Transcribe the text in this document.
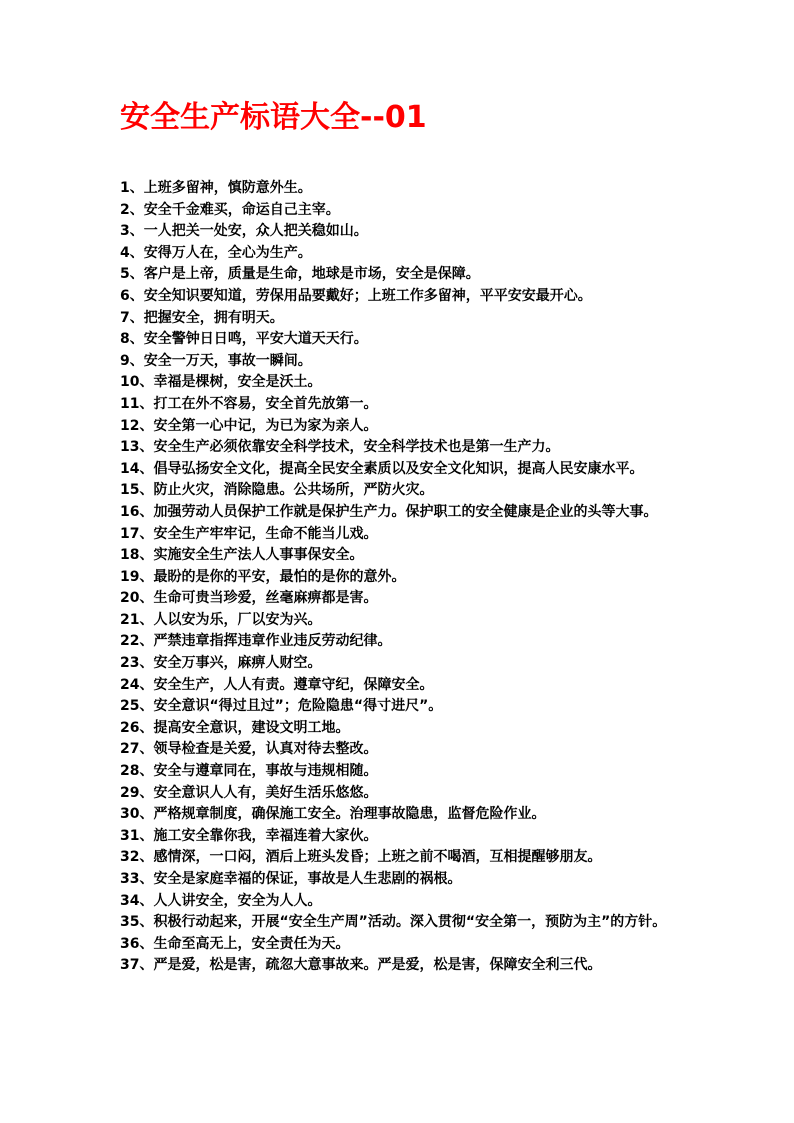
安全生产标语大全--01
1、上班多留神，慎防意外生。
2、安全千金难买，命运自己主宰。
3、一人把关一处安，众人把关稳如山。
4、安得万人在，全心为生产。
5、客户是上帝，质量是生命，地球是市场，安全是保障。
6、安全知识要知道，劳保用品要戴好；上班工作多留神，平平安安最开心。
7、把握安全，拥有明天。
8、安全警钟日日鸣，平安大道天天行。
9、安全一万天，事故一瞬间。
10、幸福是棵树，安全是沃土。
11、打工在外不容易，安全首先放第一。
12、安全第一心中记，为已为家为亲人。
13、安全生产必须依靠安全科学技术，安全科学技术也是第一生产力。
14、倡导弘扬安全文化，提高全民安全素质以及安全文化知识，提高人民安康水平。
15、防止火灾，消除隐患。公共场所，严防火灾。
16、加强劳动人员保护工作就是保护生产力。保护职工的安全健康是企业的头等大事。
17、安全生产牢牢记，生命不能当儿戏。
18、实施安全生产法人人事事保安全。
19、最盼的是你的平安，最怕的是你的意外。
20、生命可贵当珍爱，丝毫麻痹都是害。
21、人以安为乐，厂以安为兴。
22、严禁违章指挥违章作业违反劳动纪律。
23、安全万事兴，麻痹人财空。
24、安全生产，人人有责。遵章守纪，保障安全。
25、安全意识“得过且过”；危险隐患“得寸进尺”。
26、提高安全意识，建设文明工地。
27、领导检查是关爱，认真对待去整改。
28、安全与遵章同在，事故与违规相随。
29、安全意识人人有，美好生活乐悠悠。
30、严格规章制度，确保施工安全。治理事故隐患，监督危险作业。
31、施工安全靠你我，幸福连着大家伙。
32、感情深，一口闷，酒后上班头发昏；上班之前不喝酒，互相提醒够朋友。
33、安全是家庭幸福的保证，事故是人生悲剧的祸根。
34、人人讲安全，安全为人人。
35、积极行动起来，开展“安全生产周”活动。深入贯彻“安全第一，预防为主”的方针。
36、生命至高无上，安全责任为天。
37、严是爱，松是害，疏忽大意事故来。严是爱，松是害，保障安全利三代。
